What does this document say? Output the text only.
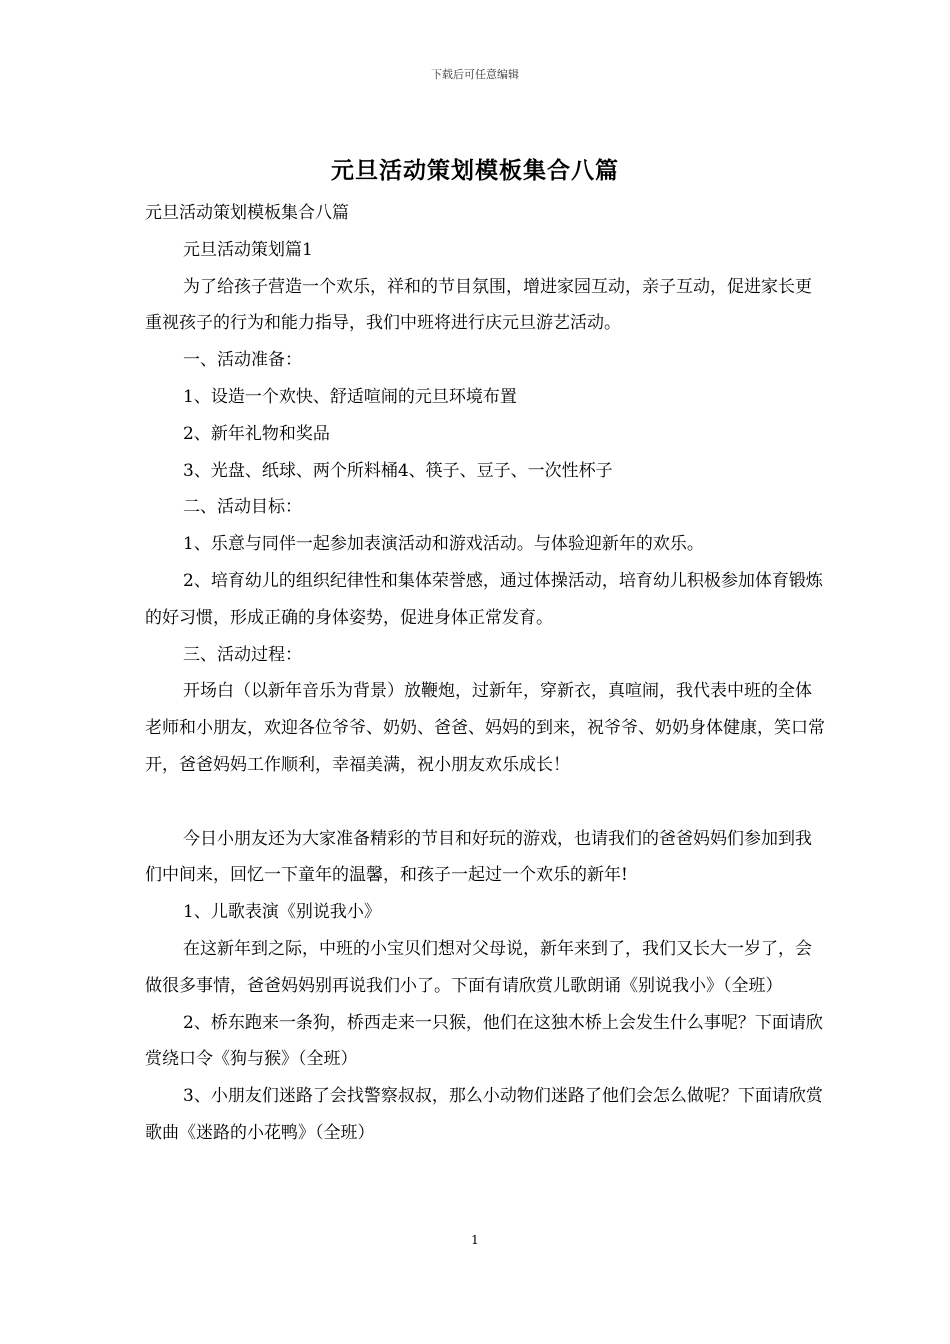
下载后可任意编辑
元旦活动策划模板集合八篇

元旦活动策划模板集合八篇

元旦活动策划篇1

为了给孩子营造一个欢乐，祥和的节目氛围，增进家园互动，亲子互动，促进家长更重视孩子的行为和能力指导，我们中班将进行庆元旦游艺活动。

一、活动准备：

1、设造一个欢快、舒适喧闹的元旦环境布置

2、新年礼物和奖品

3、光盘、纸球、两个所料桶4、筷子、豆子、一次性杯子

二、活动目标：

1、乐意与同伴一起参加表演活动和游戏活动。与体验迎新年的欢乐。

2、培育幼儿的组织纪律性和集体荣誉感，通过体操活动，培育幼儿积极参加体育锻炼的好习惯，形成正确的身体姿势，促进身体正常发育。

三、活动过程：

开场白（以新年音乐为背景）放鞭炮，过新年，穿新衣，真喧闹，我代表中班的全体老师和小朋友，欢迎各位爷爷、奶奶、爸爸、妈妈的到来，祝爷爷、奶奶身体健康，笑口常开，爸爸妈妈工作顺利，幸福美满，祝小朋友欢乐成长！

今日小朋友还为大家准备精彩的节目和好玩的游戏，也请我们的爸爸妈妈们参加到我们中间来，回忆一下童年的温馨，和孩子一起过一个欢乐的新年!

1、儿歌表演《别说我小》

在这新年到之际，中班的小宝贝们想对父母说，新年来到了，我们又长大一岁了，会做很多事情，爸爸妈妈别再说我们小了。下面有请欣赏儿歌朗诵《别说我小》（全班）

2、桥东跑来一条狗，桥西走来一只猴，他们在这独木桥上会发生什么事呢？下面请欣赏绕口令《狗与猴》（全班）

3、小朋友们迷路了会找警察叔叔，那么小动物们迷路了他们会怎么做呢？下面请欣赏歌曲《迷路的小花鸭》（全班）

1
